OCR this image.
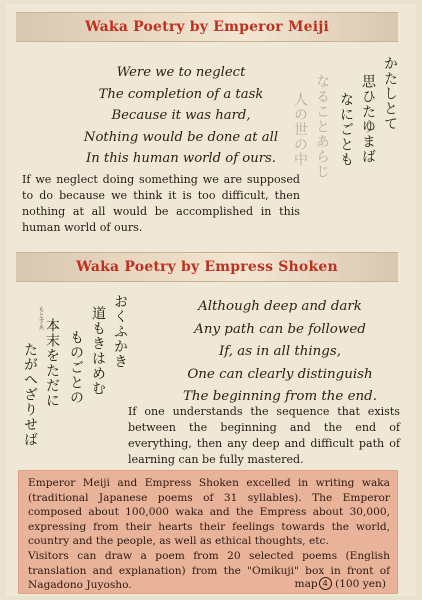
Waka Poetry by Emperor Meiji
Were we to neglect
The completion of a task
Because it was hard,
Nothing would be done at all
In this human world of ours.
If we neglect doing something we are supposed to do because we think it is too difficult, then nothing at all would be accomplished in this human world of ours.
かたしとて
思ひたゆまば
なにごとも
なることあらじ
人の世の中
Waka Poetry by Empress Shoken
おくふかき
道もきはめむ
ものごとの
本末をただに
もとすゑ
たがへざりせば
Although deep and dark
Any path can be followed
If, as in all things,
One can clearly distinguish
The beginning from the end.
If one understands the sequence that exists between the beginning and the end of everything, then any deep and difficult path of learning can be fully mastered.
Emperor Meiji and Empress Shoken excelled in writing waka (traditional Japanese poems of 31 syllables). The Emperor composed about 100,000 waka and the Empress about 30,000, expressing from their hearts their feelings towards the world, country and the people, as well as ethical thoughts, etc.
Visitors can draw a poem from 20 selected poems (English translation and explanation) from the "Omikuji" box in front of Nagadono Juyosho.	map 4 (100 yen)
